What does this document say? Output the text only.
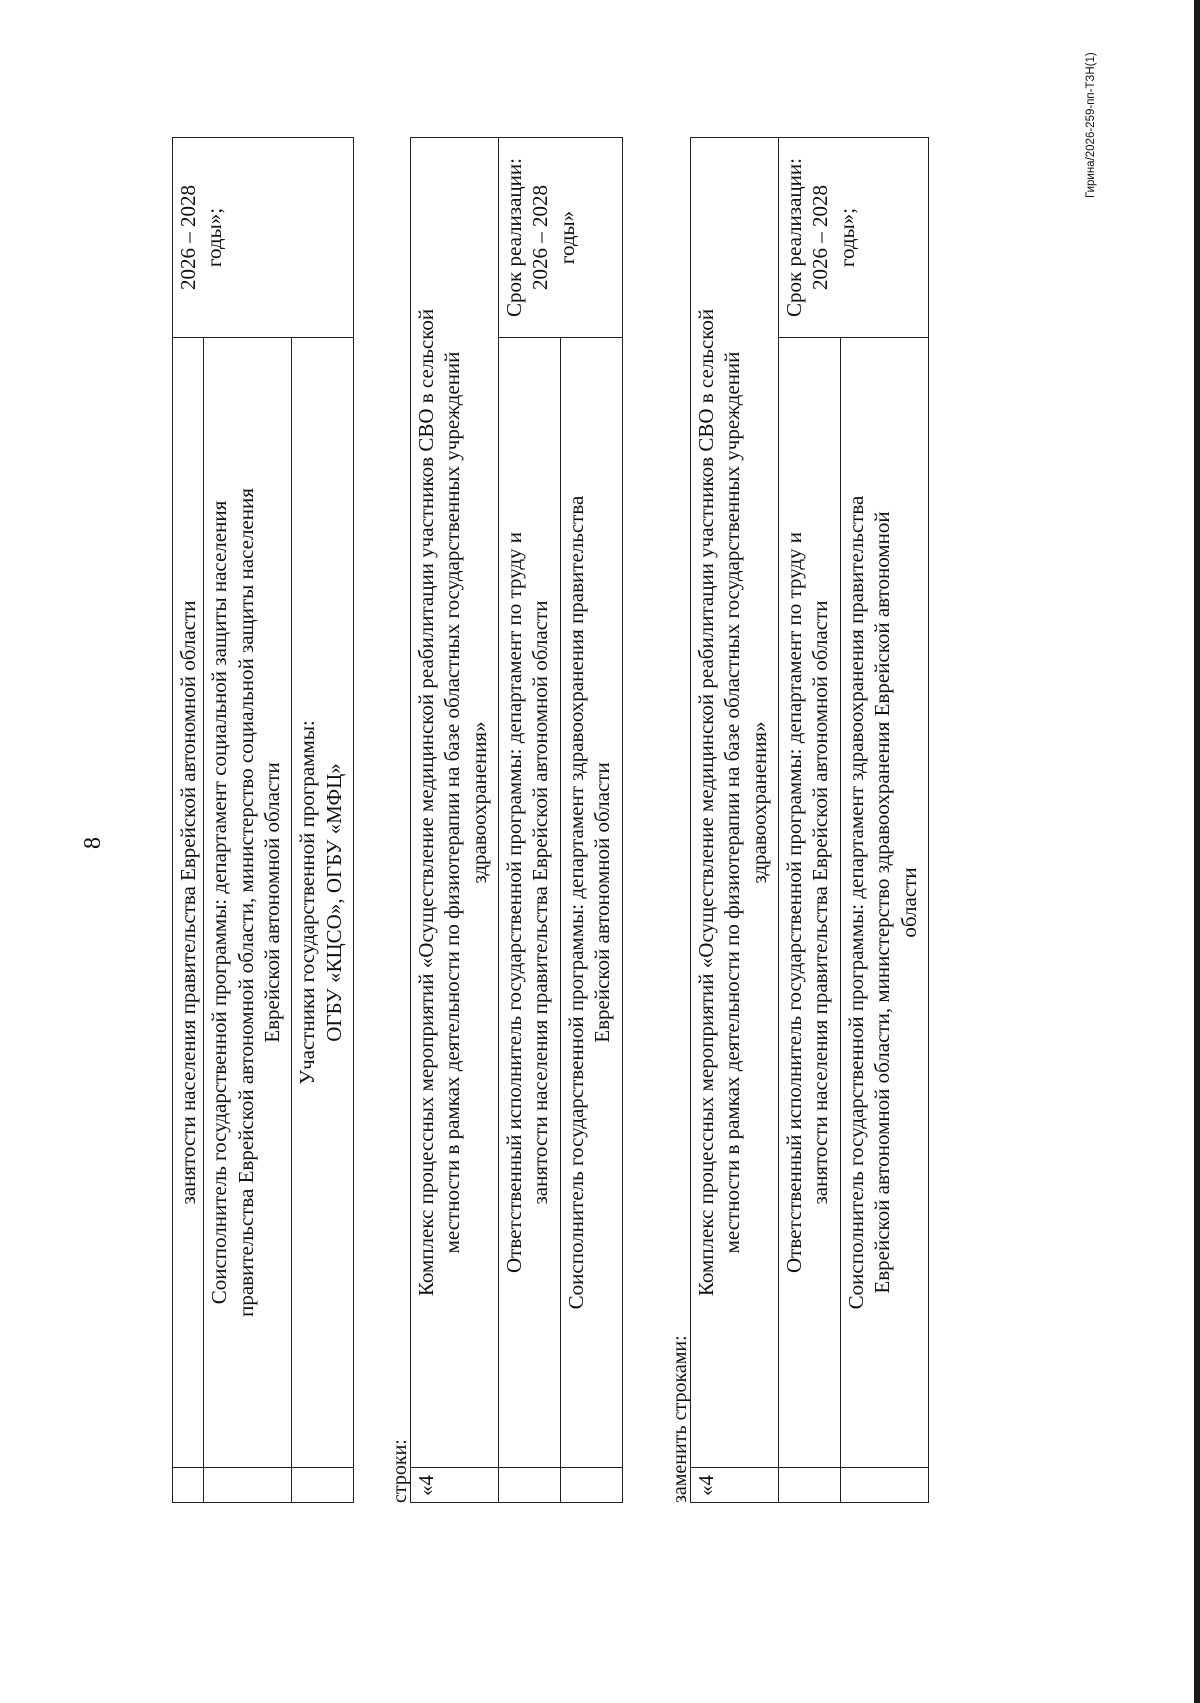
8
		занятости населения правительства Еврейской автономной области	2026 – 2028 годы»;

	Соисполнитель государственной программы: департамент социальной защиты населения правительства Еврейской автономной области, министерство социальной защиты населения Еврейской автономной области	

	Участники государственной программы: ОГБУ «КЦСО», ОГБУ «МФЦ»	
строки: «4	Комплекс процессных мероприятий «Осуществление медицинской реабилитации участников СВО в сельской местности в рамках деятельности по физиотерапии на базе областных государственных учреждений здравоохранения»	

	Ответственный исполнитель государственной программы: департамент по труду и занятости населения правительства Еврейской автономной области	Срок реализации: 2026 – 2028 годы»

	Соисполнитель государственной программы: департамент здравоохранения правительства Еврейской автономной области	
заменить строками: «4	Комплекс процессных мероприятий «Осуществление медицинской реабилитации участников СВО в сельской местности в рамках деятельности по физиотерапии на базе областных государственных учреждений здравоохранения»	

	Ответственный исполнитель государственной программы: департамент по труду и занятости населения правительства Еврейской автономной области	Срок реализации: 2026 – 2028 годы»;

	Соисполнитель государственной программы: департамент здравоохранения правительства Еврейской автономной области, министерство здравоохранения Еврейской автономной области	
Гирина/2026-259-пп-ТЗН(1)
